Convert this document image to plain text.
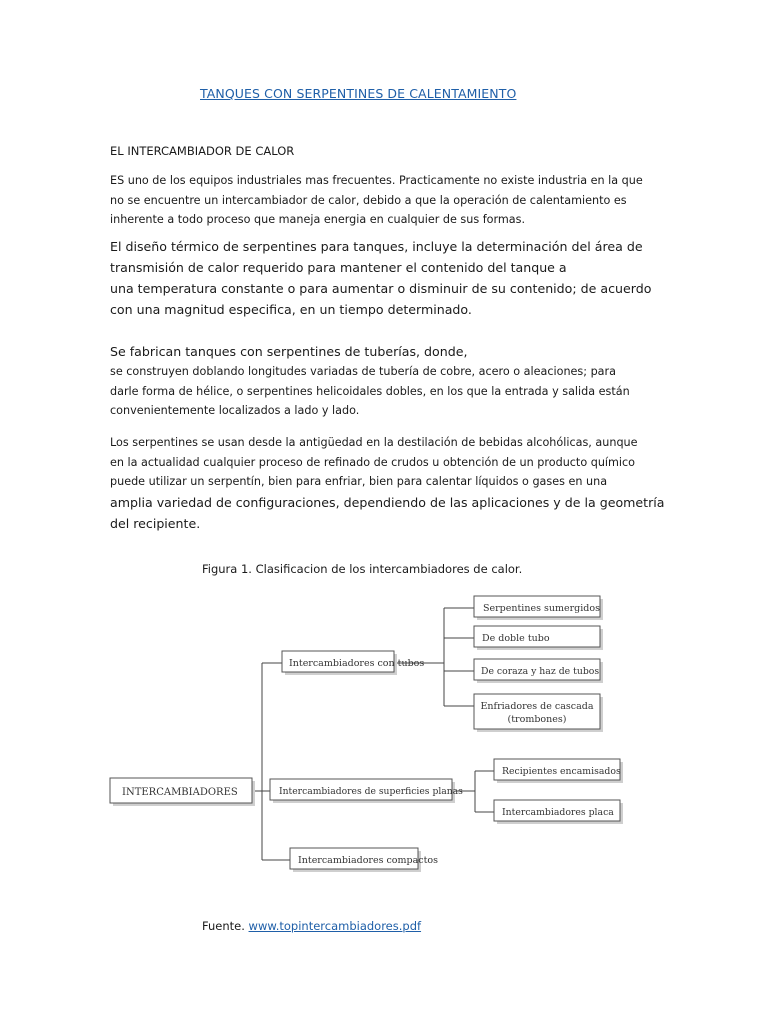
TANQUES CON SERPENTINES DE CALENTAMIENTO
EL INTERCAMBIADOR DE CALOR
ES uno de los equipos industriales mas frecuentes. Practicamente no existe industria en la que
no se encuentre un intercambiador de calor, debido a que la operación de calentamiento es
inherente a todo proceso que maneja energia en cualquier de sus formas.
El diseño térmico de serpentines para tanques, incluye la determinación del área de
transmisión de calor requerido para mantener el contenido del tanque a
una temperatura constante o para aumentar o disminuir de su contenido; de acuerdo
con una magnitud especifica, en un tiempo determinado.
Se fabrican tanques con serpentines de tuberías, donde,
se construyen doblando longitudes variadas de tubería de cobre, acero o aleaciones; para
darle forma de hélice, o serpentines helicoidales dobles, en los que la entrada y salida están
convenientemente localizados a lado y lado.
Los serpentines se usan desde la antigüedad en la destilación de bebidas alcohólicas, aunque
en la actualidad cualquier proceso de refinado de crudos u obtención de un producto químico
puede utilizar un serpentín, bien para enfriar, bien para calentar líquidos o gases en una
amplia variedad de configuraciones, dependiendo de las aplicaciones y de la geometría
del recipiente.
Figura 1. Clasificacion de los intercambiadores de calor.
INTERCAMBIADORES
Intercambiadores con tubos
Intercambiadores de superficies planas
Intercambiadores compactos
Serpentines sumergidos
De doble tubo
De coraza y haz de tubos
Enfriadores de cascada
(trombones)
Recipientes encamisados
Intercambiadores placa
Fuente. www.topintercambiadores.pdf
